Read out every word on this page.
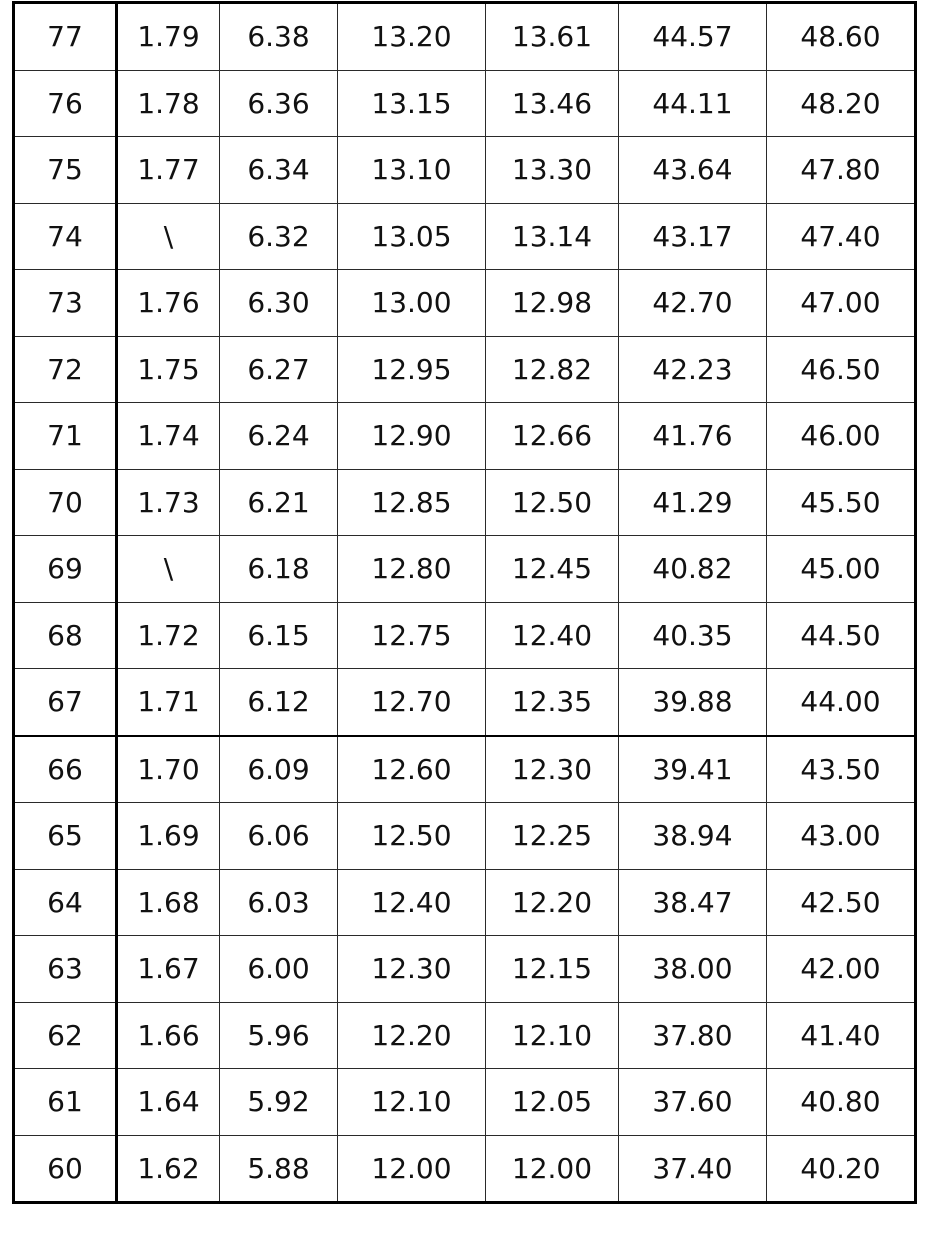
77	1.79	6.38	13.20	13.61	44.57	48.60
76	1.78	6.36	13.15	13.46	44.11	48.20
75	1.77	6.34	13.10	13.30	43.64	47.80
74	\	6.32	13.05	13.14	43.17	47.40
73	1.76	6.30	13.00	12.98	42.70	47.00
72	1.75	6.27	12.95	12.82	42.23	46.50
71	1.74	6.24	12.90	12.66	41.76	46.00
70	1.73	6.21	12.85	12.50	41.29	45.50
69	\	6.18	12.80	12.45	40.82	45.00
68	1.72	6.15	12.75	12.40	40.35	44.50
67	1.71	6.12	12.70	12.35	39.88	44.00
66	1.70	6.09	12.60	12.30	39.41	43.50
65	1.69	6.06	12.50	12.25	38.94	43.00
64	1.68	6.03	12.40	12.20	38.47	42.50
63	1.67	6.00	12.30	12.15	38.00	42.00
62	1.66	5.96	12.20	12.10	37.80	41.40
61	1.64	5.92	12.10	12.05	37.60	40.80
60	1.62	5.88	12.00	12.00	37.40	40.20
